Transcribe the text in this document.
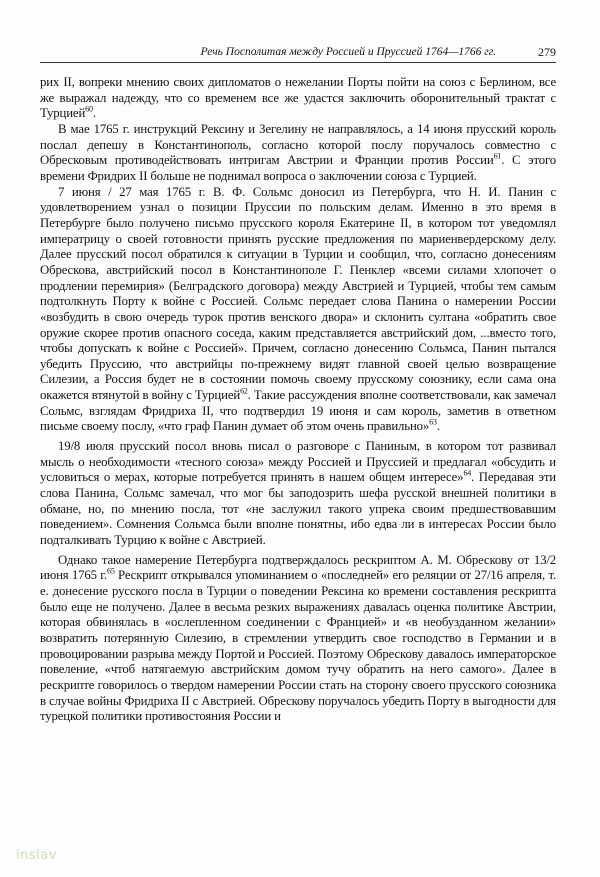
Речь Посполитая между Россией и Пруссией 1764—1766 гг.	279

рих II, вопреки мнению своих дипломатов о нежелании Порты пойти на союз с Берлином, все же выражал надежду, что со временем все же удастся заключить оборонительный трактат с Турцией$^{60}$.

В мае 1765 г. инструкций Рексину и Зегелину не направлялось, а 14 июня прусский король послал депешу в Константинополь, согласно которой послу поручалось совместно с Обресковым противодействовать интригам Австрии и Франции против России$^{61}$. С этого времени Фридрих II больше не поднимал вопроса о заключении союза с Турцией.

7 июня / 27 мая 1765 г. В. Ф. Сольмс доносил из Петербурга, что Н. И. Панин с удовлетворением узнал о позиции Пруссии по польским делам. Именно в это время в Петербурге было получено письмо прусского короля Екатерине II, в котором тот уведомлял императрицу о своей готовности принять русские предложения по мариенвердерскому делу. Далее прусский посол обратился к ситуации в Турции и сообщил, что, согласно донесениям Обрескова, австрийский посол в Константинополе Г. Пенклер «всеми силами хлопочет о продлении перемирия» (Белградского договора) между Австрией и Турцией, чтобы тем самым подтолкнуть Порту к войне с Россией. Сольмс передает слова Панина о намерении России «возбудить в свою очередь турок против венского двора» и склонить султана «обратить свое оружие скорее против опасного соседа, каким представляется австрийский дом, ...вместо того, чтобы допускать к войне с Россией». Причем, согласно донесению Сольмса, Панин пытался убедить Пруссию, что австрийцы по-прежнему видят главной своей целью возвращение Силезии, а Россия будет не в состоянии помочь своему прусскому союзнику, если сама она окажется втянутой в войну с Турцией$^{62}$. Такие рассуждения вполне соответствовали, как замечал Сольмс, взглядам Фридриха II, что подтвердил 19 июня и сам король, заметив в ответном письме своему послу, «что граф Панин думает об этом очень правильно»$^{63}$.

19/8 июля прусский посол вновь писал о разговоре с Паниным, в котором тот развивал мысль о необходимости «тесного союза» между Россией и Пруссией и предлагал «обсудить и условиться о мерах, которые потребуется принять в нашем общем интересе»$^{64}$. Передавая эти слова Панина, Сольмс замечал, что мог бы заподозрить шефа русской внешней политики в обмане, но, по мнению посла, тот «не заслужил такого упрека своим предшествовавшим поведением». Сомнения Сольмса были вполне понятны, ибо едва ли в интересах России было подталкивать Турцию к войне с Австрией.

Однако такое намерение Петербурга подтверждалось рескриптом А. М. Обрескову от 13/2 июня 1765 г.$^{65}$ Рескрипт открывался упоминанием о «последней» его реляции от 27/16 апреля, т. е. донесение русского посла в Турции о поведении Рексина ко времени составления рескрипта было еще не получено. Далее в весьма резких выражениях давалась оценка политике Австрии, которая обвинялась в «ослепленном соединении с Францией» и «в необузданном желании» возвратить потерянную Силезию, в стремлении утвердить свое господство в Германии и в провоцировании разрыва между Портой и Россией. Поэтому Обрескову давалось императорское повеление, «чтоб натягаемую австрийским домом тучу обратить на него самого». Далее в рескрипте говорилось о твердом намерении России стать на сторону своего прусского союзника в случае войны Фридриха II с Австрией. Обрескову поручалось убедить Порту в выгодности для турецкой политики противостояния России и

inslav
